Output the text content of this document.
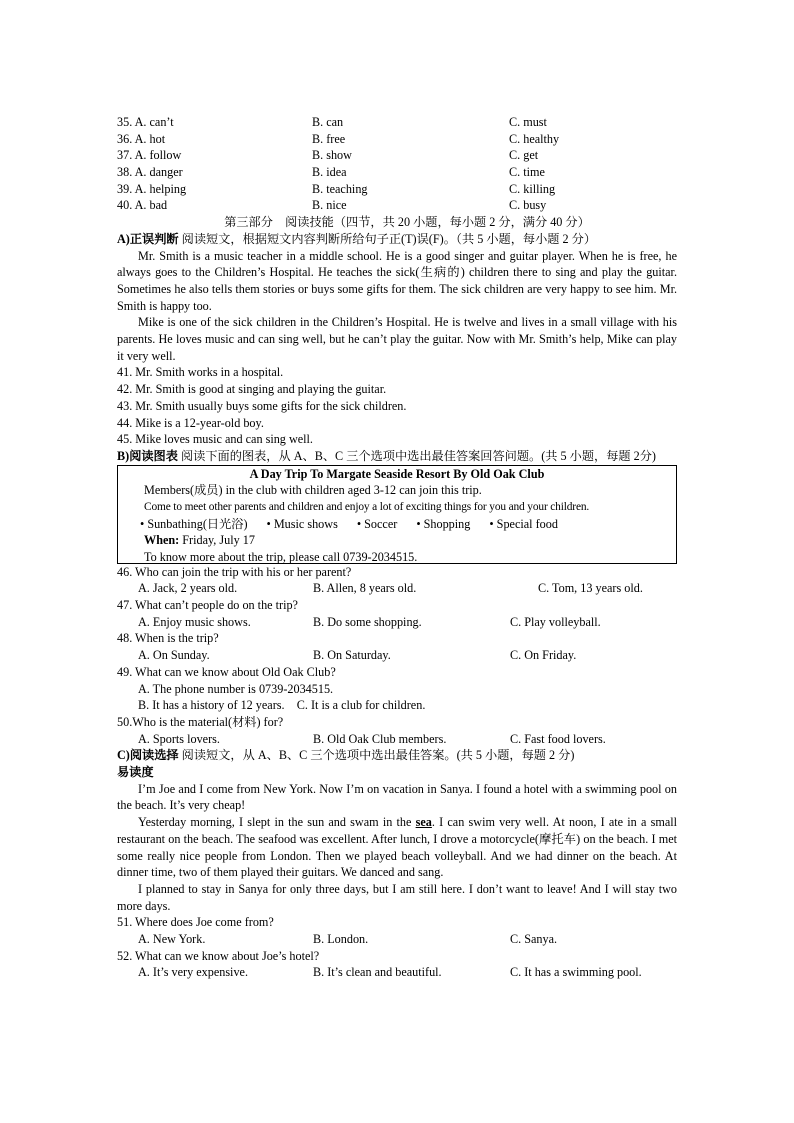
35. A. can’t	B. can	C. must
36. A. hot	B. free	C. healthy
37. A. follow	B. show	C. get
38. A. danger	B. idea	C. time
39. A. helping	B. teaching	C. killing
40. A. bad	B. nice	C. busy
第三部分　阅读技能（四节，共 20 小题，每小题 2 分，满分 40 分）
A)正误判断 阅读短文，根据短文内容判断所给句子正(T)误(F)。（共 5 小题，每小题 2 分）

Mr. Smith is a music teacher in a middle school. He is a good singer and guitar player. When he is free, he always goes to the Children’s Hospital. He teaches the sick(生病的) children there to sing and play the guitar. Sometimes he also tells them stories or buys some gifts for them. The sick children are very happy to see him. Mr. Smith is happy too.

Mike is one of the sick children in the Children’s Hospital. He is twelve and lives in a small village with his parents. He loves music and can sing well, but he can’t play the guitar. Now with Mr. Smith’s help, Mike can play it very well.

41. Mr. Smith works in a hospital.
42. Mr. Smith is good at singing and playing the guitar.
43. Mr. Smith usually buys some gifts for the sick children.
44. Mike is a 12-year-old boy.
45. Mike loves music and can sing well.
B)阅读图表 阅读下面的图表，从 A、B、C 三个选项中选出最佳答案回答问题。(共 5 小题，每题 2分)
A Day Trip To Margate Seaside Resort By Old Oak Club
Members(成员) in the club with children aged 3-12 can join this trip.
Come to meet other parents and children and enjoy a lot of exciting things for you and your children.
• Sunbathing(日光浴) • Music shows • Soccer • Shopping • Special food
When: Friday, July 17
To know more about the trip, please call 0739-2034515.
46. Who can join the trip with his or her parent?
A. Jack, 2 years old.	B. Allen, 8 years old.	C. Tom, 13 years old.
47. What can’t people do on the trip?
A. Enjoy music shows.	B. Do some shopping.	C. Play volleyball.
48. When is the trip?
A. On Sunday.	B. On Saturday.	C. On Friday.
49. What can we know about Old Oak Club?
A. The phone number is 0739-2034515.
B. It has a history of 12 years. C. It is a club for children.
50.Who is the material(材料) for?
A. Sports lovers.	B. Old Oak Club members.	C. Fast food lovers.
C)阅读选择 阅读短文，从 A、B、C 三个选项中选出最佳答案。(共 5 小题，每题 2 分)
易读度

I’m Joe and I come from New York. Now I’m on vacation in Sanya. I found a hotel with a swimming pool on the beach. It’s very cheap!

Yesterday morning, I slept in the sun and swam in the sea. I can swim very well. At noon, I ate in a small restaurant on the beach. The seafood was excellent. After lunch, I drove a motorcycle(摩托车) on the beach. I met some really nice people from London. Then we played beach volleyball. And we had dinner on the beach. At dinner time, two of them played their guitars. We danced and sang.

I planned to stay in Sanya for only three days, but I am still here. I don’t want to leave! And I will stay two more days.

51. Where does Joe come from?
A. New York.	B. London.	C. Sanya.
52. What can we know about Joe’s hotel?
A. It’s very expensive.	B. It’s clean and beautiful.	C. It has a swimming pool.
